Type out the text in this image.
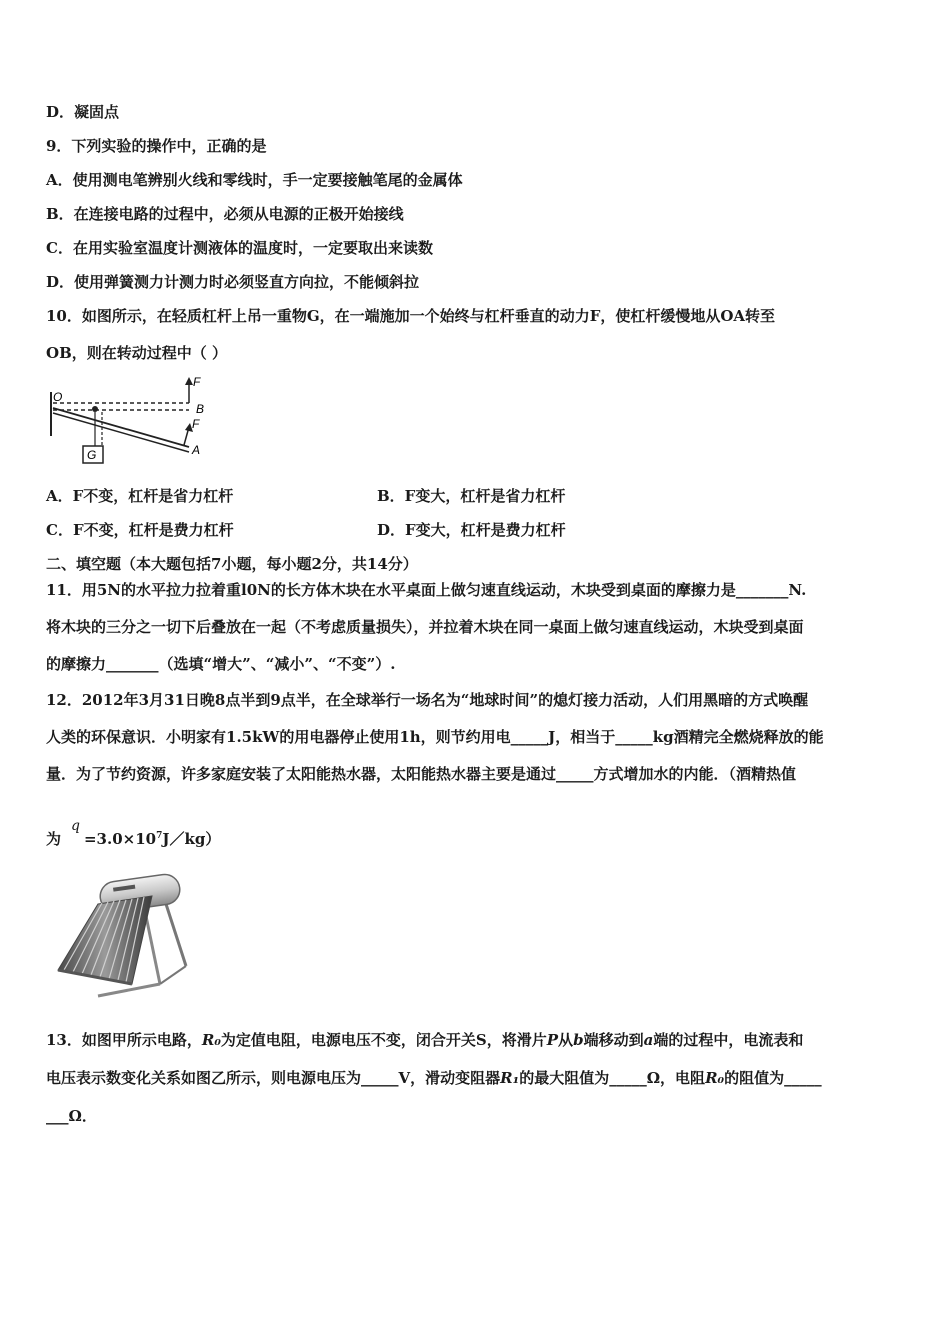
D．凝固点
9．下列实验的操作中，正确的是
A．使用测电笔辨别火线和零线时，手一定要接触笔尾的金属体
B．在连接电路的过程中，必须从电源的正极开始接线
C．在用实验室温度计测液体的温度时，一定要取出来读数
D．使用弹簧测力计测力时必须竖直方向拉，不能倾斜拉
10．如图所示，在轻质杠杆上吊一重物G，在一端施加一个始终与杠杆垂直的动力F，使杠杆缓慢地从OA转至
OB，则在转动过程中（ ）
O
F
B
F
A
G
A．F不变，杠杆是省力杠杆	B．F变大，杠杆是省力杠杆
C．F不变，杠杆是费力杠杆	D．F变大，杠杆是费力杠杆
二、填空题（本大题包括7小题，每小题2分，共14分）
11．用5N的水平拉力拉着重l0N的长方体木块在水平桌面上做匀速直线运动，木块受到桌面的摩擦力是_______N.
将木块的三分之一切下后叠放在一起（不考虑质量损失），并拉着木块在同一桌面上做匀速直线运动，木块受到桌面
的摩擦力_______（选填“增大”、“减小”、“不变”）.
12．2012年3月31日晚8点半到9点半，在全球举行一场名为“地球时间”的熄灯接力活动，人们用黑暗的方式唤醒
人类的环保意识．小明家有1.5kW的用电器停止使用1h，则节约用电_____J，相当于_____kg酒精完全燃烧释放的能
量．为了节约资源，许多家庭安装了太阳能热水器，太阳能热水器主要是通过_____方式增加水的内能．（酒精热值
为$q=3.0\times 10^7J/kg$）
13．如图甲所示电路，R₀为定值电阻，电源电压不变，闭合开关S，将滑片P从b端移动到a端的过程中，电流表和
电压表示数变化关系如图乙所示，则电源电压为_____V，滑动变阻器R₁的最大阻值为_____Ω，电阻R₀的阻值为_____
___Ω．
